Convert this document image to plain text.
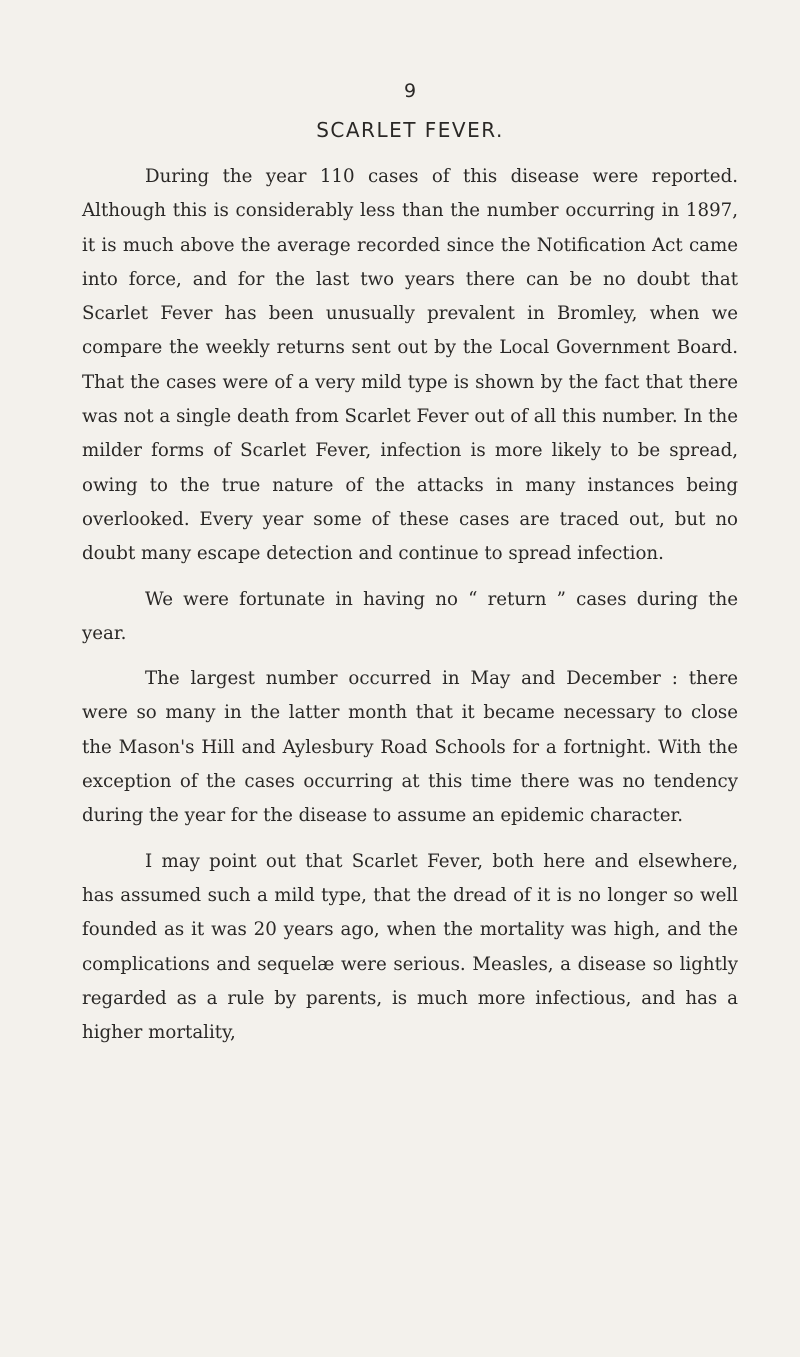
9
SCARLET FEVER.

During the year 110 cases of this disease were reported. Although this is considerably less than the number occurring in 1897, it is much above the average recorded since the Notification Act came into force, and for the last two years there can be no doubt that Scarlet Fever has been unusually prevalent in Bromley, when we compare the weekly returns sent out by the Local Government Board. That the cases were of a very mild type is shown by the fact that there was not a single death from Scarlet Fever out of all this number. In the milder forms of Scarlet Fever, infection is more likely to be spread, owing to the true nature of the attacks in many instances being overlooked. Every year some of these cases are traced out, but no doubt many escape detection and continue to spread infection.

We were fortunate in having no “ return ” cases during the year.

The largest number occurred in May and December : there were so many in the latter month that it became necessary to close the Mason's Hill and Aylesbury Road Schools for a fortnight. With the exception of the cases occurring at this time there was no tendency during the year for the disease to assume an epidemic character.

I may point out that Scarlet Fever, both here and elsewhere, has assumed such a mild type, that the dread of it is no longer so well founded as it was 20 years ago, when the mortality was high, and the complications and sequelæ were serious. Measles, a disease so lightly regarded as a rule by parents, is much more infectious, and has a higher mortality,
